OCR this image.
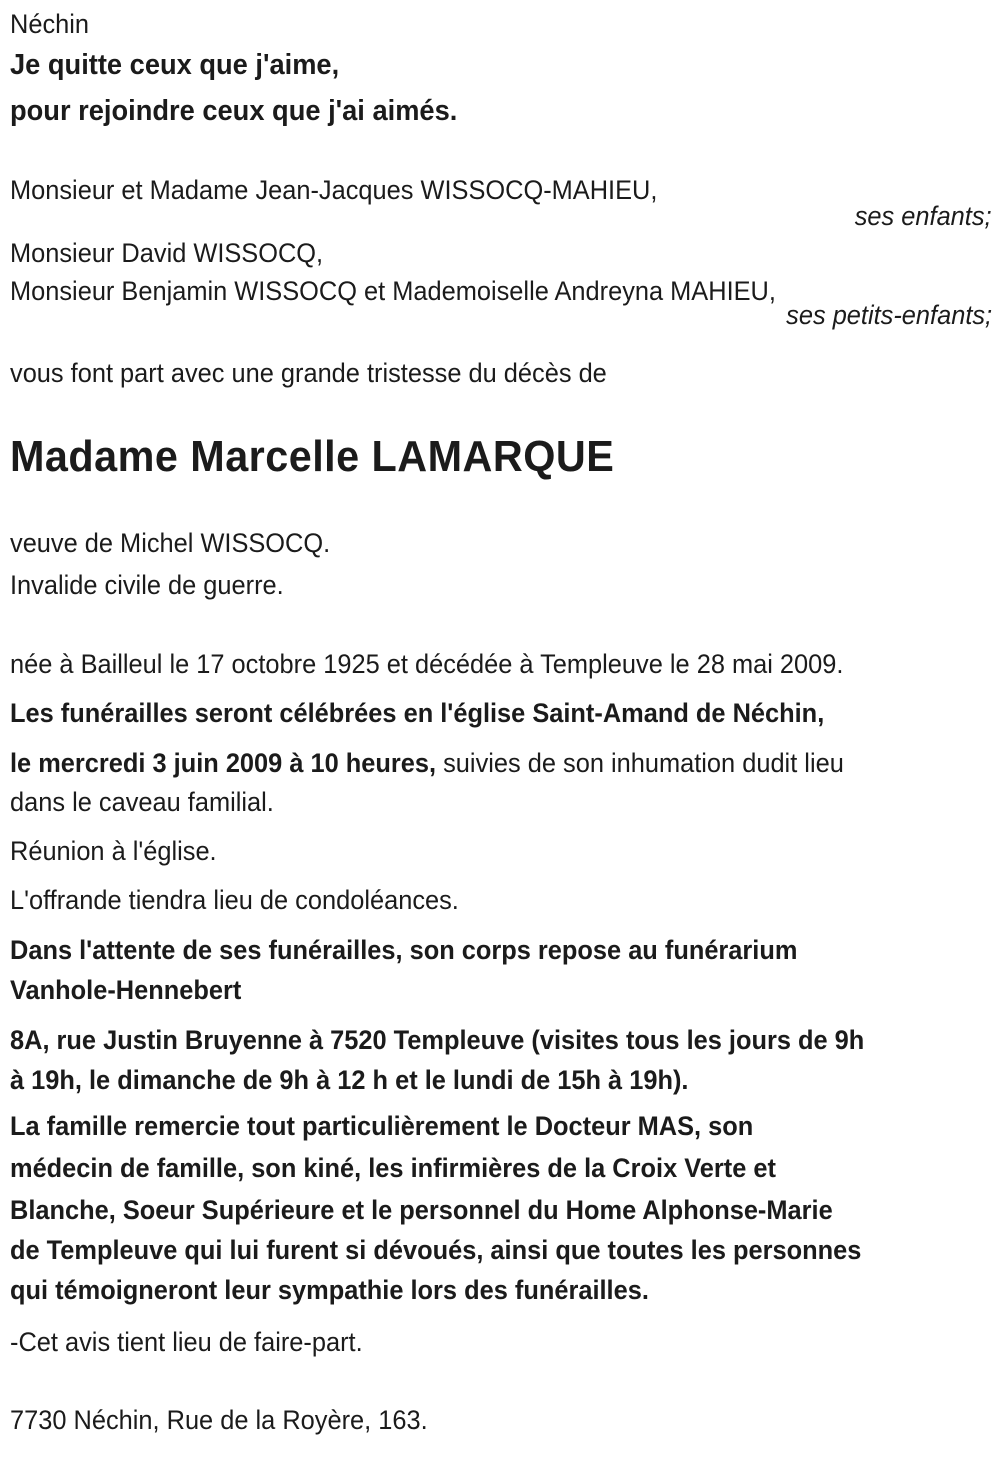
Néchin
Je quitte ceux que j'aime,
pour rejoindre ceux que j'ai aimés.
Monsieur et Madame Jean-Jacques WISSOCQ-MAHIEU,
ses enfants;
Monsieur David WISSOCQ,
Monsieur Benjamin WISSOCQ et Mademoiselle Andreyna MAHIEU,
ses petits-enfants;
vous font part avec une grande tristesse du décès de
Madame Marcelle LAMARQUE
veuve de Michel WISSOCQ.
Invalide civile de guerre.
née à Bailleul le 17 octobre 1925 et décédée à Templeuve le 28 mai 2009.
Les funérailles seront célébrées en l'église Saint-Amand de Néchin,
le mercredi 3 juin 2009 à 10 heures, suivies de son inhumation dudit lieu
dans le caveau familial.
Réunion à l'église.
L'offrande tiendra lieu de condoléances.
Dans l'attente de ses funérailles, son corps repose au funérarium
Vanhole-Hennebert
8A, rue Justin Bruyenne à 7520 Templeuve (visites tous les jours de 9h
à 19h, le dimanche de 9h à 12 h et le lundi de 15h à 19h).
La famille remercie tout particulièrement le Docteur MAS, son
médecin de famille, son kiné, les infirmières de la Croix Verte et
Blanche, Soeur Supérieure et le personnel du Home Alphonse-Marie
de Templeuve qui lui furent si dévoués, ainsi que toutes les personnes
qui témoigneront leur sympathie lors des funérailles.
-Cet avis tient lieu de faire-part.
7730 Néchin, Rue de la Royère, 163.
